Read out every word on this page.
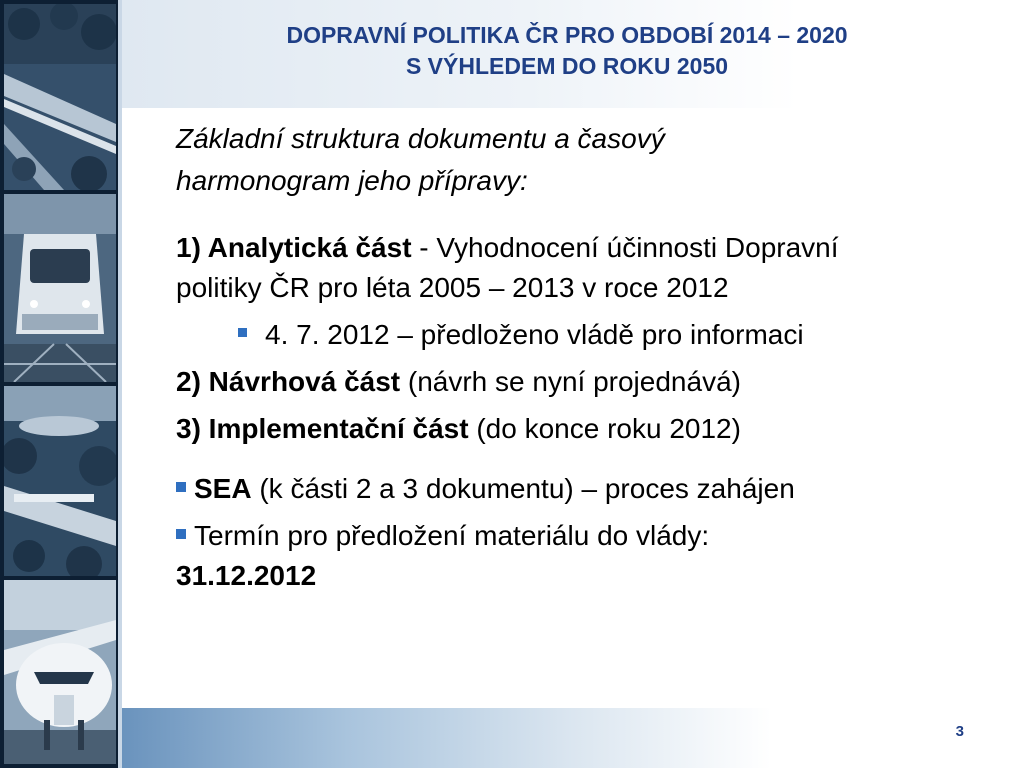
DOPRAVNÍ POLITIKA ČR PRO OBDOBÍ 2014 – 2020
S VÝHLEDEM DO ROKU 2050

Základní struktura dokumentu a časový
harmonogram jeho přípravy:

1) Analytická část - Vyhodnocení účinnosti Dopravní
politiky ČR pro léta 2005 – 2013 v roce 2012

4. 7. 2012 – předloženo vládě pro informaci

2) Návrhová část (návrh se nyní projednává)

3) Implementační část (do konce roku 2012)

SEA (k části 2 a 3 dokumentu) – proces zahájen

Termín pro předložení materiálu do vlády:
31.12.2012

3
